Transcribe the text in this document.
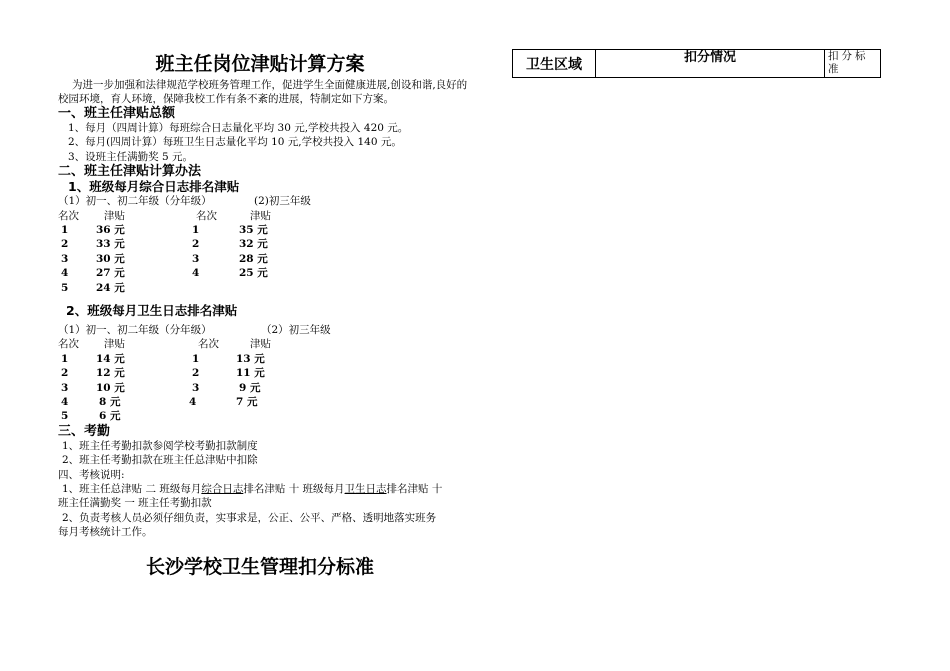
班主任岗位津贴计算方案

为进一步加强和法律规范学校班务管理工作，促进学生全面健康进展,创设和谐,良好的校园环境，育人环境，保障我校工作有条不紊的进展，特制定如下方案。

一、班主任津贴总额

1、每月（四周计算）每班综合日志量化平均 30 元,学校共投入 420 元。

2、每月(四周计算）每班卫生日志量化平均 10 元,学校共投入 140 元。

3、设班主任满勤奖 5 元。

二、班主任津贴计算办法

1、班级每月综合日志排名津贴

（1）初一、初二年级（分年级）	(2)初三年级
名次 津贴	名次	津贴
1	36 元	1	35 元
2	33 元	2	32 元
3	30 元	3	28 元
4	27 元	4	25 元
5	24 元

2、班级每月卫生日志排名津贴

（1）初一、初二年级（分年级）	（2）初三年级
名次 津贴	名次	津贴
1	14 元	1	13 元
2	12 元	2	11 元
3	10 元	3	9 元
4	8 元	4	7 元
5	6 元

三、考勤

1、班主任考勤扣款参阅学校考勤扣款制度

2、班主任考勤扣款在班主任总津贴中扣除

四、考核说明:

1、班主任总津贴 二 班级每月综合日志排名津贴 十 班级每月卫生日志排名津贴 十

班主任满勤奖 一 班主任考勤扣款

2、负责考核人员必须仔细负责，实事求是，公正、公平、严格、透明地落实班务

每月考核统计工作。

长沙学校卫生管理扣分标准
卫生区域	扣分情况	扣分标准
